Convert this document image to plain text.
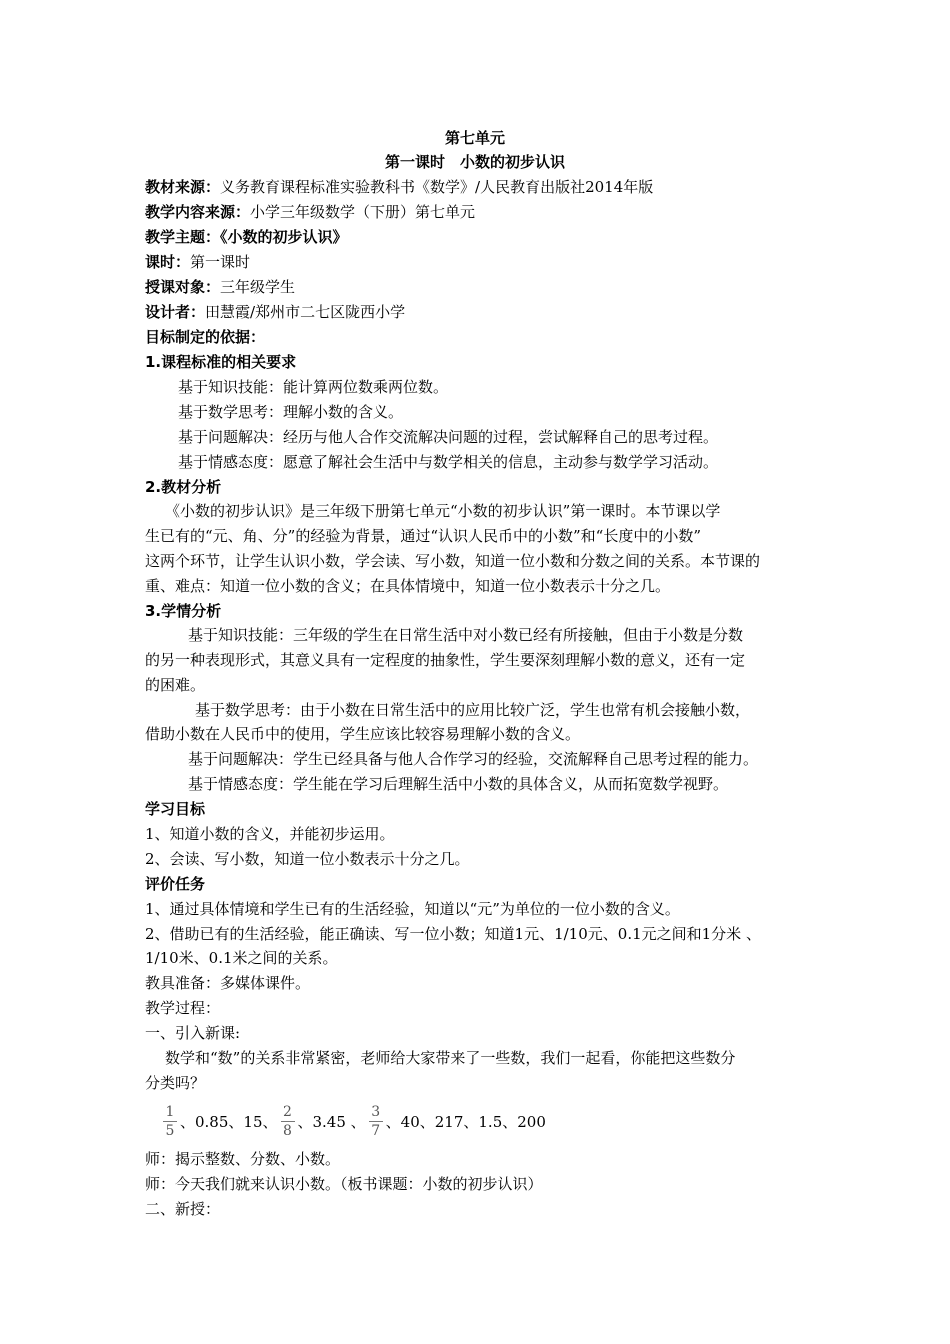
第七单元
第一课时　小数的初步认识
教材来源：义务教育课程标准实验教科书《数学》/人民教育出版社2014年版
教学内容来源：小学三年级数学（下册）第七单元
教学主题：《小数的初步认识》
课时：第一课时
授课对象：三年级学生
设计者：田慧霞/郑州市二七区陇西小学
目标制定的依据：
1.课程标准的相关要求
基于知识技能：能计算两位数乘两位数。
基于数学思考：理解小数的含义。
基于问题解决：经历与他人合作交流解决问题的过程，尝试解释自己的思考过程。
基于情感态度：愿意了解社会生活中与数学相关的信息，主动参与数学学习活动。
2.教材分析
《小数的初步认识》是三年级下册第七单元“小数的初步认识”第一课时。本节课以学
生已有的“元、角、分”的经验为背景，通过“认识人民币中的小数”和“长度中的小数”
这两个环节，让学生认识小数，学会读、写小数，知道一位小数和分数之间的关系。本节课的
重、难点：知道一位小数的含义；在具体情境中，知道一位小数表示十分之几。
3.学情分析
基于知识技能：三年级的学生在日常生活中对小数已经有所接触，但由于小数是分数
的另一种表现形式，其意义具有一定程度的抽象性，学生要深刻理解小数的意义，还有一定
的困难。
基于数学思考：由于小数在日常生活中的应用比较广泛，学生也常有机会接触小数，
借助小数在人民币中的使用，学生应该比较容易理解小数的含义。
基于问题解决：学生已经具备与他人合作学习的经验，交流解释自己思考过程的能力。
基于情感态度：学生能在学习后理解生活中小数的具体含义，从而拓宽数学视野。
学习目标
1、知道小数的含义，并能初步运用。
2、会读、写小数，知道一位小数表示十分之几。
评价任务
1、通过具体情境和学生已有的生活经验，知道以“元”为单位的一位小数的含义。
2、借助已有的生活经验，能正确读、写一位小数；知道1元、1/10元、0.1元之间和1分米 、
1/10米、0.1米之间的关系。
教具准备：多媒体课件。
教学过程：
一、引入新课:
数学和“数”的关系非常紧密，老师给大家带来了一些数，我们一起看，你能把这些数分
分类吗？
$\frac{1}{5}$ 、0.85、15、 $\frac{2}{8}$ 、3.45 、 $\frac{3}{7}$ 、40、217、1.5、200
师：揭示整数、分数、小数。
师：今天我们就来认识小数。（板书课题：小数的初步认识）
二、新授：
